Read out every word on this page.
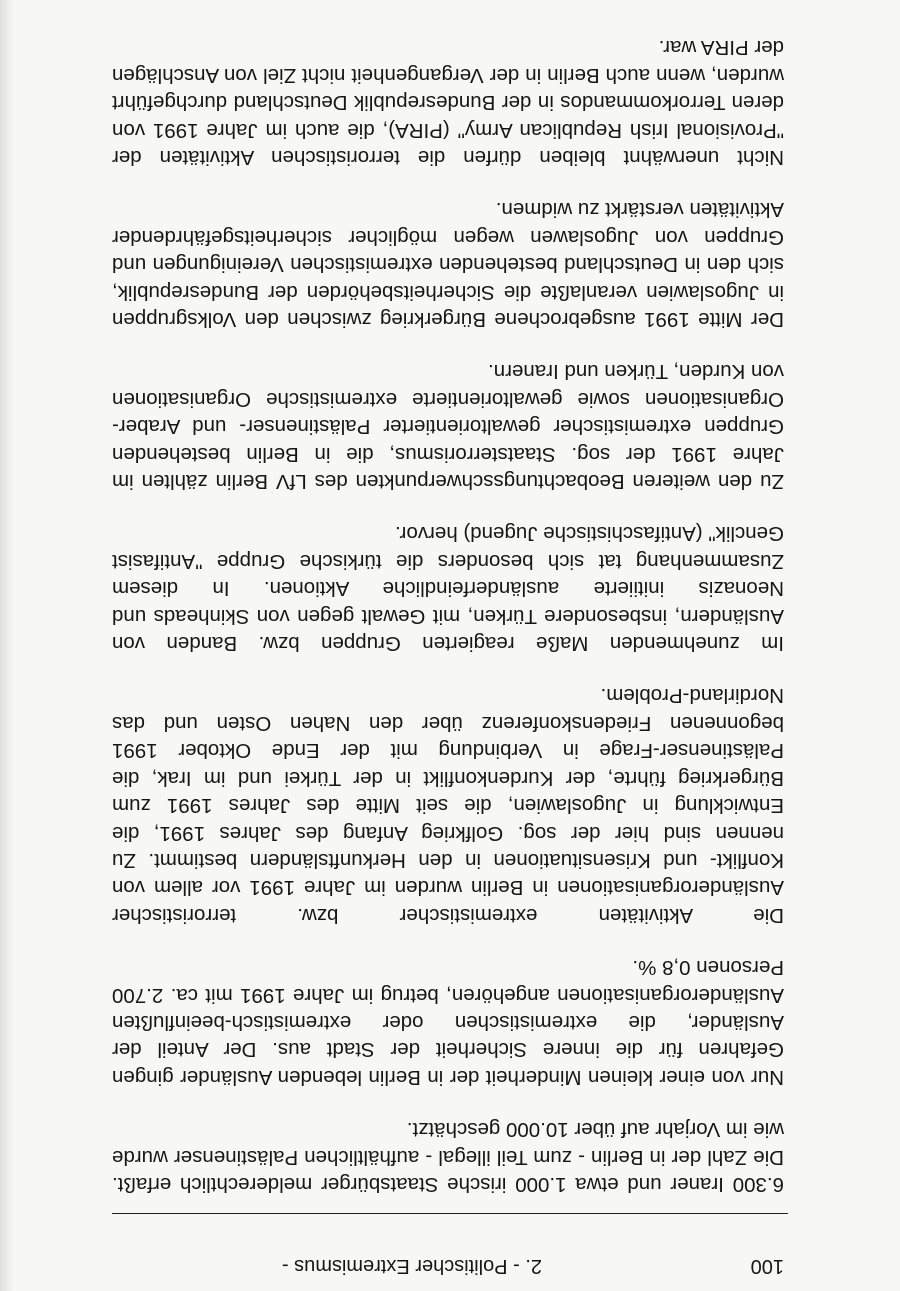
100
2. - Politischer Extremismus -

6.300 Iraner und etwa 1.000 irische Staatsbürger melderechtlich erfaßt. Die Zahl der in Berlin - zum Teil illegal - aufhältlichen Palästinenser wurde wie im Vorjahr auf über 10.000 geschätzt.

Nur von einer kleinen Minderheit der in Berlin lebenden Ausländer gingen Gefahren für die innere Sicherheit der Stadt aus. Der Anteil der Ausländer, die extremistischen oder extremistisch-beeinflußten Ausländerorganisationen angehören, betrug im Jahre 1991 mit ca. 2.700 Personen 0,8 %.

Die Aktivitäten extremistischer bzw. terroristischer Ausländerorganisationen in Berlin wurden im Jahre 1991 vor allem von Konflikt- und Krisensituationen in den Herkunftsländern bestimmt. Zu nennen sind hier der sog. Golfkrieg Anfang des Jahres 1991, die Entwicklung in Jugoslawien, die seit Mitte des Jahres 1991 zum Bürgerkrieg führte, der Kurdenkonflikt in der Türkei und im Irak, die Palästinenser-Frage in Verbindung mit der Ende Oktober 1991 begonnenen Friedenskonferenz über den Nahen Osten und das Nordirland-Problem.

Im zunehmenden Maße reagierten Gruppen bzw. Banden von Ausländern, insbesondere Türken, mit Gewalt gegen von Skinheads und Neonazis initiierte ausländerfeindliche Aktionen. In diesem Zusammenhang tat sich besonders die türkische Gruppe "Antifasist Genclik" (Antifaschistische Jugend) hervor.

Zu den weiteren Beobachtungsschwerpunkten des LfV Berlin zählten im Jahre 1991 der sog. Staatsterrorismus, die in Berlin bestehenden Gruppen extremistischer gewaltorientierter Palästinenser- und Araber-Organisationen sowie gewaltorientierte extremistische Organisationen von Kurden, Türken und Iranern.

Der Mitte 1991 ausgebrochene Bürgerkrieg zwischen den Volksgruppen in Jugoslawien veranlaßte die Sicherheitsbehörden der Bundesrepublik, sich den in Deutschland bestehenden extremistischen Vereinigungen und Gruppen von Jugoslawen wegen möglicher sicherheitsgefährdender Aktivitäten verstärkt zu widmen.

Nicht unerwähnt bleiben dürfen die terroristischen Aktivitäten der "Provisional Irish Republican Army" (PIRA), die auch im Jahre 1991 von deren Terrorkommandos in der Bundesrepublik Deutschland durchgeführt wurden, wenn auch Berlin in der Vergangenheit nicht Ziel von Anschlägen der PIRA war.
